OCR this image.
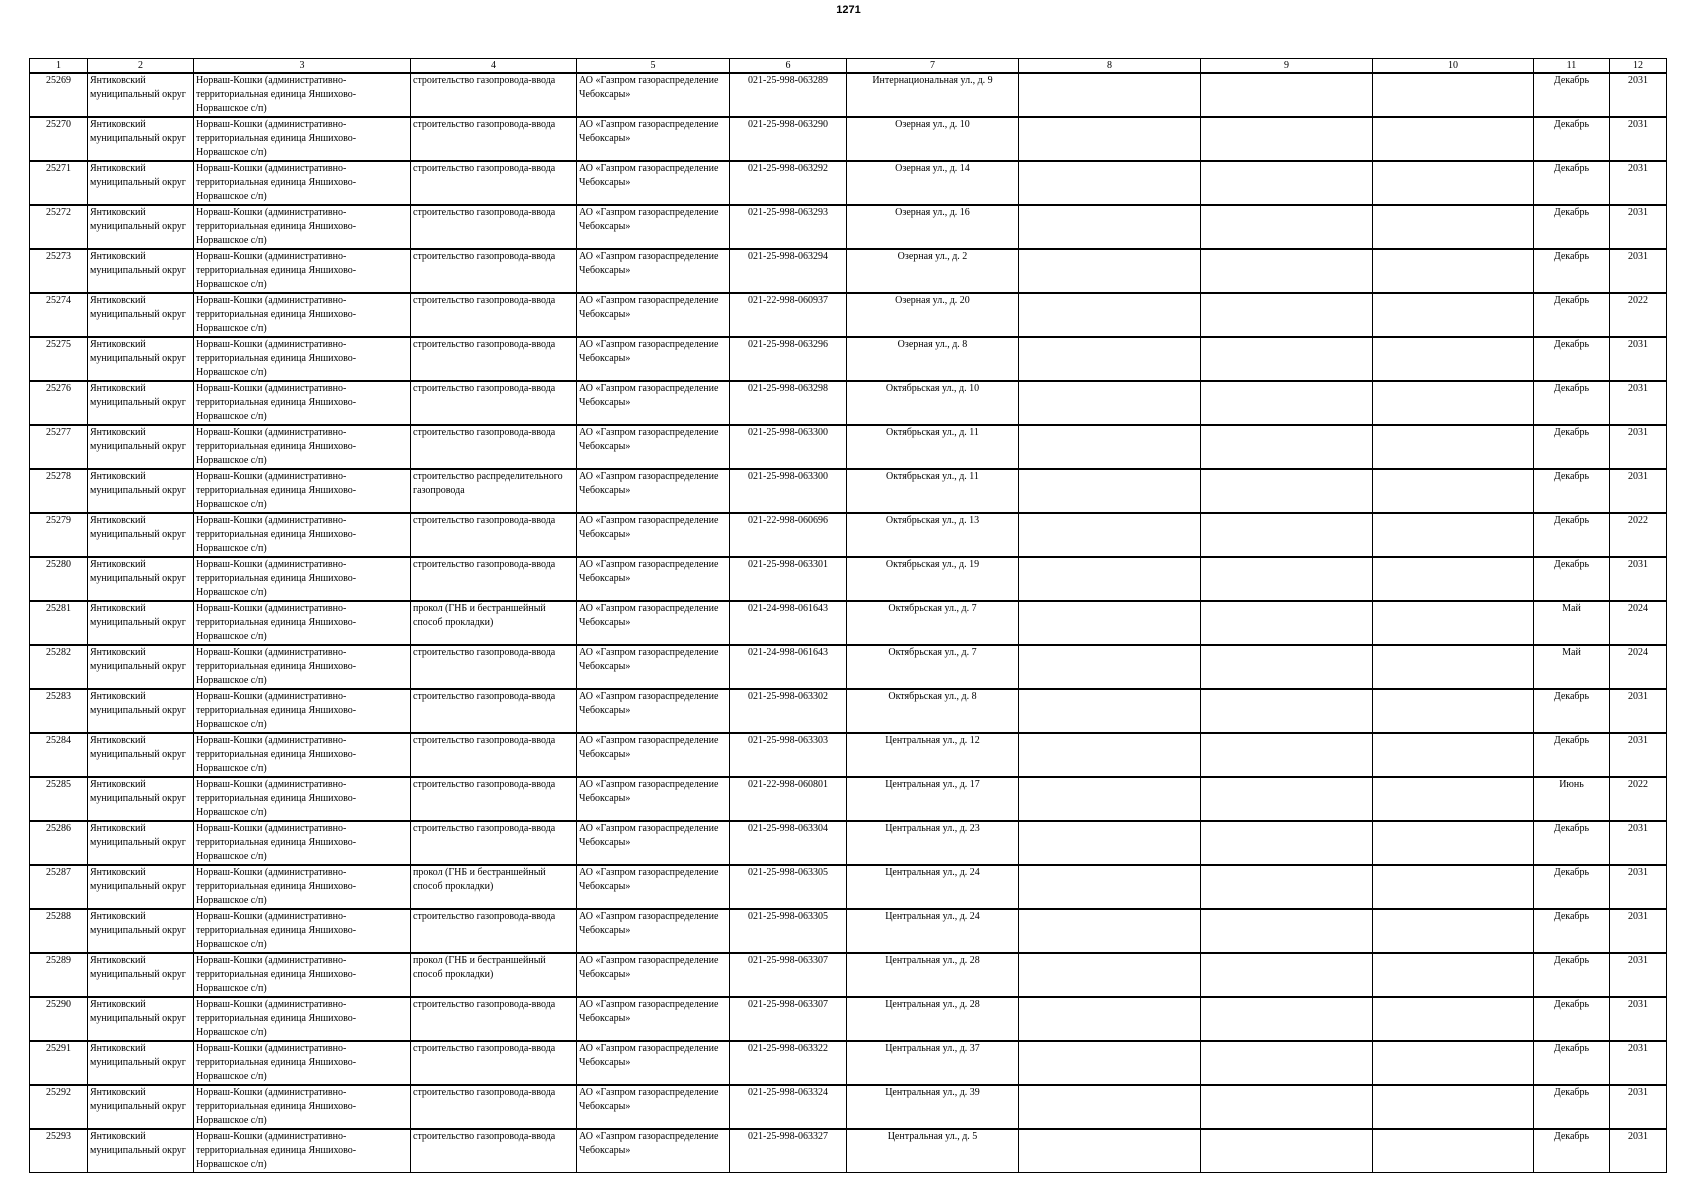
1271
1	2	3	4	5	6	7	8	9	10	11	12
25269	Янтиковский муниципальный округ	Норваш-Кошки (административно-территориальная единица Яншихово-Норвашское с/п)	строительство газопровода-ввода	АО «Газпром газораспределение Чебоксары»	021-25-998-063289	Интернациональная ул., д. 9				Декабрь	2031
25270	Янтиковский муниципальный округ	Норваш-Кошки (административно-территориальная единица Яншихово-Норвашское с/п)	строительство газопровода-ввода	АО «Газпром газораспределение Чебоксары»	021-25-998-063290	Озерная ул., д. 10				Декабрь	2031
25271	Янтиковский муниципальный округ	Норваш-Кошки (административно-территориальная единица Яншихово-Норвашское с/п)	строительство газопровода-ввода	АО «Газпром газораспределение Чебоксары»	021-25-998-063292	Озерная ул., д. 14				Декабрь	2031
25272	Янтиковский муниципальный округ	Норваш-Кошки (административно-территориальная единица Яншихово-Норвашское с/п)	строительство газопровода-ввода	АО «Газпром газораспределение Чебоксары»	021-25-998-063293	Озерная ул., д. 16				Декабрь	2031
25273	Янтиковский муниципальный округ	Норваш-Кошки (административно-территориальная единица Яншихово-Норвашское с/п)	строительство газопровода-ввода	АО «Газпром газораспределение Чебоксары»	021-25-998-063294	Озерная ул., д. 2				Декабрь	2031
25274	Янтиковский муниципальный округ	Норваш-Кошки (административно-территориальная единица Яншихово-Норвашское с/п)	строительство газопровода-ввода	АО «Газпром газораспределение Чебоксары»	021-22-998-060937	Озерная ул., д. 20				Декабрь	2022
25275	Янтиковский муниципальный округ	Норваш-Кошки (административно-территориальная единица Яншихово-Норвашское с/п)	строительство газопровода-ввода	АО «Газпром газораспределение Чебоксары»	021-25-998-063296	Озерная ул., д. 8				Декабрь	2031
25276	Янтиковский муниципальный округ	Норваш-Кошки (административно-территориальная единица Яншихово-Норвашское с/п)	строительство газопровода-ввода	АО «Газпром газораспределение Чебоксары»	021-25-998-063298	Октябрьская ул., д. 10				Декабрь	2031
25277	Янтиковский муниципальный округ	Норваш-Кошки (административно-территориальная единица Яншихово-Норвашское с/п)	строительство газопровода-ввода	АО «Газпром газораспределение Чебоксары»	021-25-998-063300	Октябрьская ул., д. 11				Декабрь	2031
25278	Янтиковский муниципальный округ	Норваш-Кошки (административно-территориальная единица Яншихово-Норвашское с/п)	строительство распределительного газопровода	АО «Газпром газораспределение Чебоксары»	021-25-998-063300	Октябрьская ул., д. 11				Декабрь	2031
25279	Янтиковский муниципальный округ	Норваш-Кошки (административно-территориальная единица Яншихово-Норвашское с/п)	строительство газопровода-ввода	АО «Газпром газораспределение Чебоксары»	021-22-998-060696	Октябрьская ул., д. 13				Декабрь	2022
25280	Янтиковский муниципальный округ	Норваш-Кошки (административно-территориальная единица Яншихово-Норвашское с/п)	строительство газопровода-ввода	АО «Газпром газораспределение Чебоксары»	021-25-998-063301	Октябрьская ул., д. 19				Декабрь	2031
25281	Янтиковский муниципальный округ	Норваш-Кошки (административно-территориальная единица Яншихово-Норвашское с/п)	прокол (ГНБ и бестраншейный способ прокладки)	АО «Газпром газораспределение Чебоксары»	021-24-998-061643	Октябрьская ул., д. 7				Май	2024
25282	Янтиковский муниципальный округ	Норваш-Кошки (административно-территориальная единица Яншихово-Норвашское с/п)	строительство газопровода-ввода	АО «Газпром газораспределение Чебоксары»	021-24-998-061643	Октябрьская ул., д. 7				Май	2024
25283	Янтиковский муниципальный округ	Норваш-Кошки (административно-территориальная единица Яншихово-Норвашское с/п)	строительство газопровода-ввода	АО «Газпром газораспределение Чебоксары»	021-25-998-063302	Октябрьская ул., д. 8				Декабрь	2031
25284	Янтиковский муниципальный округ	Норваш-Кошки (административно-территориальная единица Яншихово-Норвашское с/п)	строительство газопровода-ввода	АО «Газпром газораспределение Чебоксары»	021-25-998-063303	Центральная ул., д. 12				Декабрь	2031
25285	Янтиковский муниципальный округ	Норваш-Кошки (административно-территориальная единица Яншихово-Норвашское с/п)	строительство газопровода-ввода	АО «Газпром газораспределение Чебоксары»	021-22-998-060801	Центральная ул., д. 17				Июнь	2022
25286	Янтиковский муниципальный округ	Норваш-Кошки (административно-территориальная единица Яншихово-Норвашское с/п)	строительство газопровода-ввода	АО «Газпром газораспределение Чебоксары»	021-25-998-063304	Центральная ул., д. 23				Декабрь	2031
25287	Янтиковский муниципальный округ	Норваш-Кошки (административно-территориальная единица Яншихово-Норвашское с/п)	прокол (ГНБ и бестраншейный способ прокладки)	АО «Газпром газораспределение Чебоксары»	021-25-998-063305	Центральная ул., д. 24				Декабрь	2031
25288	Янтиковский муниципальный округ	Норваш-Кошки (административно-территориальная единица Яншихово-Норвашское с/п)	строительство газопровода-ввода	АО «Газпром газораспределение Чебоксары»	021-25-998-063305	Центральная ул., д. 24				Декабрь	2031
25289	Янтиковский муниципальный округ	Норваш-Кошки (административно-территориальная единица Яншихово-Норвашское с/п)	прокол (ГНБ и бестраншейный способ прокладки)	АО «Газпром газораспределение Чебоксары»	021-25-998-063307	Центральная ул., д. 28				Декабрь	2031
25290	Янтиковский муниципальный округ	Норваш-Кошки (административно-территориальная единица Яншихово-Норвашское с/п)	строительство газопровода-ввода	АО «Газпром газораспределение Чебоксары»	021-25-998-063307	Центральная ул., д. 28				Декабрь	2031
25291	Янтиковский муниципальный округ	Норваш-Кошки (административно-территориальная единица Яншихово-Норвашское с/п)	строительство газопровода-ввода	АО «Газпром газораспределение Чебоксары»	021-25-998-063322	Центральная ул., д. 37				Декабрь	2031
25292	Янтиковский муниципальный округ	Норваш-Кошки (административно-территориальная единица Яншихово-Норвашское с/п)	строительство газопровода-ввода	АО «Газпром газораспределение Чебоксары»	021-25-998-063324	Центральная ул., д. 39				Декабрь	2031
25293	Янтиковский муниципальный округ	Норваш-Кошки (административно-территориальная единица Яншихово-Норвашское с/п)	строительство газопровода-ввода	АО «Газпром газораспределение Чебоксары»	021-25-998-063327	Центральная ул., д. 5				Декабрь	2031
